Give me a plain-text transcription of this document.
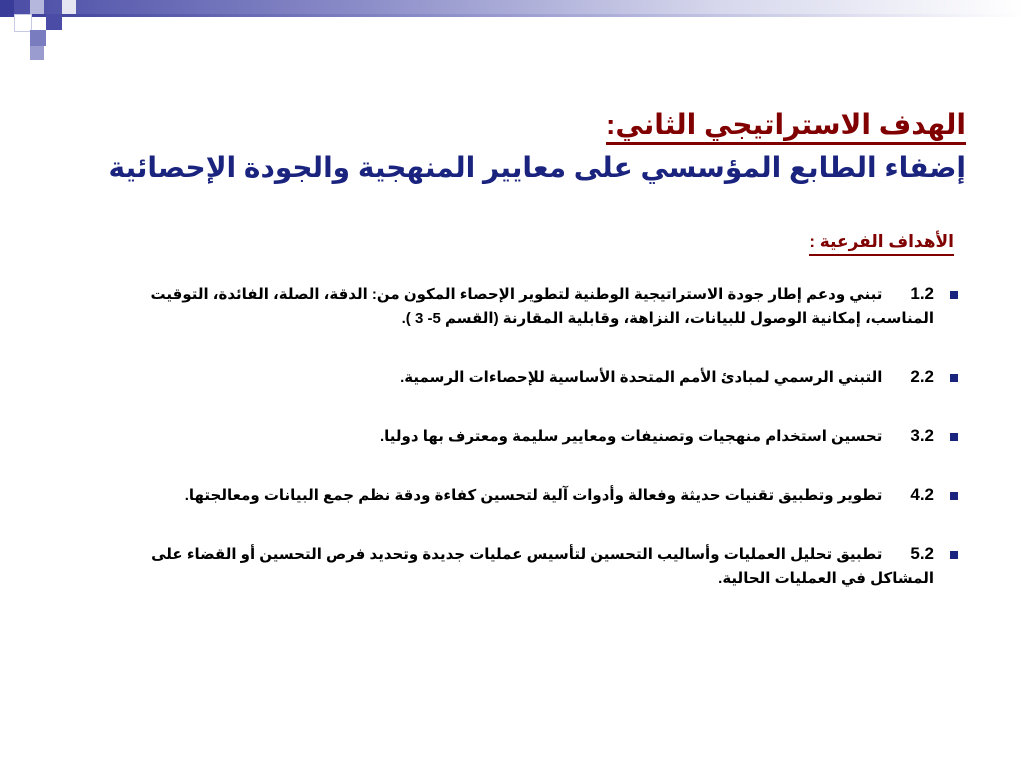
الهدف الاستراتيجي الثاني:
إضفاء الطابع المؤسسي على معايير المنهجية والجودة الإحصائية
الأهداف الفرعية :
1.2تبني ودعم إطار جودة الاستراتيجية الوطنية لتطوير الإحصاء المكون من: الدقة، الصلة، الفائدة، التوقيت المناسب، إمكانية الوصول للبيانات، النزاهة، وقابلية المقارنة (القسم 5- 3 ).
2.2التبني الرسمي لمبادئ الأمم المتحدة الأساسية للإحصاءات الرسمية.
3.2تحسين استخدام منهجيات وتصنيفات ومعايير سليمة ومعترف بها دوليا.
4.2تطوير وتطبيق تقنيات حديثة وفعالة وأدوات آلية لتحسين كفاءة ودقة نظم جمع البيانات ومعالجتها.
5.2تطبيق تحليل العمليات وأساليب التحسين لتأسيس عمليات جديدة وتحديد فرص التحسين أو القضاء على المشاكل في العمليات الحالية.
